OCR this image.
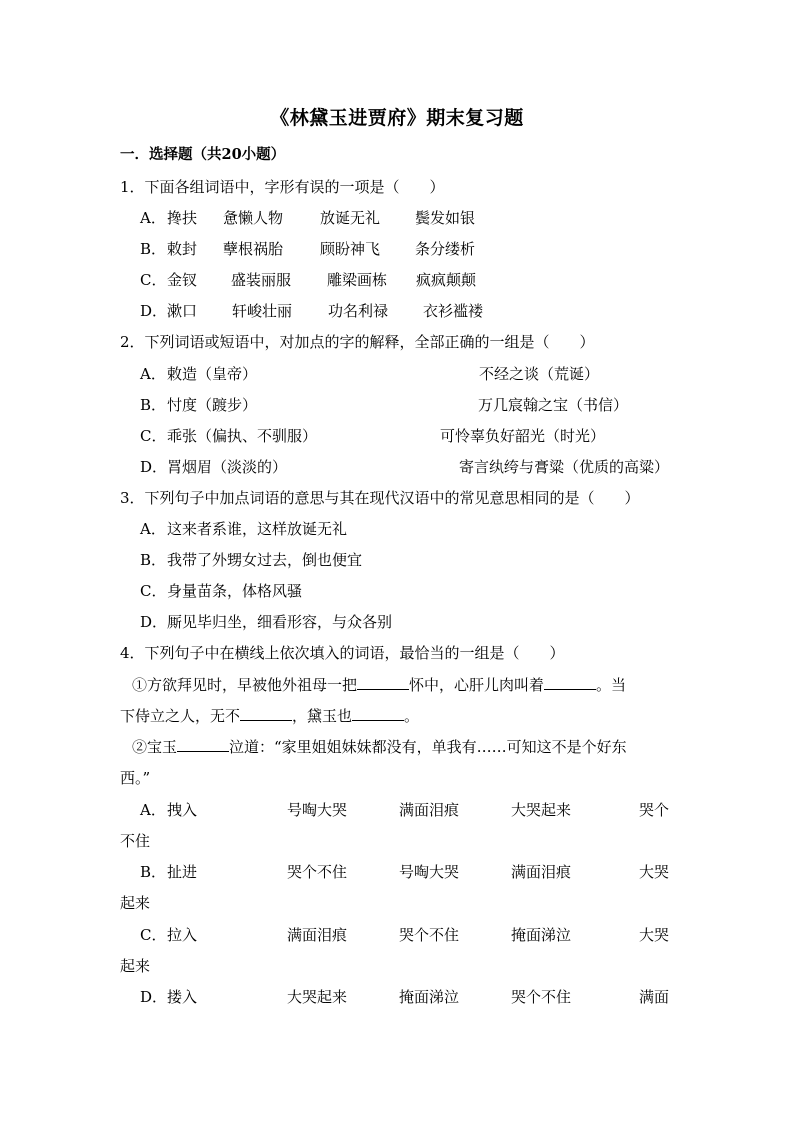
《林黛玉进贾府》期末复习题
一．选择题（共20小题）
1．下面各组词语中，字形有误的一项是（　　）
A． 搀扶 惫懒人物 放诞无礼 鬓发如银
B． 敕封 孽根祸胎 顾盼神飞 条分缕析
C． 金钗 盛装丽服 雕梁画栋 疯疯颠颠
D． 漱口 轩峻壮丽 功名利禄 衣衫褴褛
2．下列词语或短语中，对加点的字的解释，全部正确的一组是（　　）
A． 敕造（皇帝）	不经之谈（荒诞）
B． 忖度（踱步）	万几宸翰之宝（书信）
C． 乖张（偏执、不驯服）	可怜辜负好韶光（时光）
D． 罥烟眉（淡淡的）	寄言纨绔与膏粱（优质的高粱）
3．下列句子中加点词语的意思与其在现代汉语中的常见意思相同的是（　　）
A． 这来者系谁，这样放诞无礼
B． 我带了外甥女过去，倒也便宜
C． 身量苗条，体格风骚
D． 厮见毕归坐，细看形容，与众各别
4．下列句子中在横线上依次填入的词语，最恰当的一组是（　　）
①方欲拜见时，早被他外祖母一把	怀中，心肝儿肉叫着	。当
下侍立之人，无不	，黛玉也	。
②宝玉	泣道：“家里姐姐妹妹都没有，单我有……可知这不是个好东
西。”
A． 拽入	号啕大哭	满面泪痕	大哭起来	哭个
不住
B． 扯进	哭个不住	号啕大哭	满面泪痕	大哭
起来
C． 拉入	满面泪痕	哭个不住	掩面涕泣	大哭
起来
D． 搂入	大哭起来	掩面涕泣	哭个不住	满面
